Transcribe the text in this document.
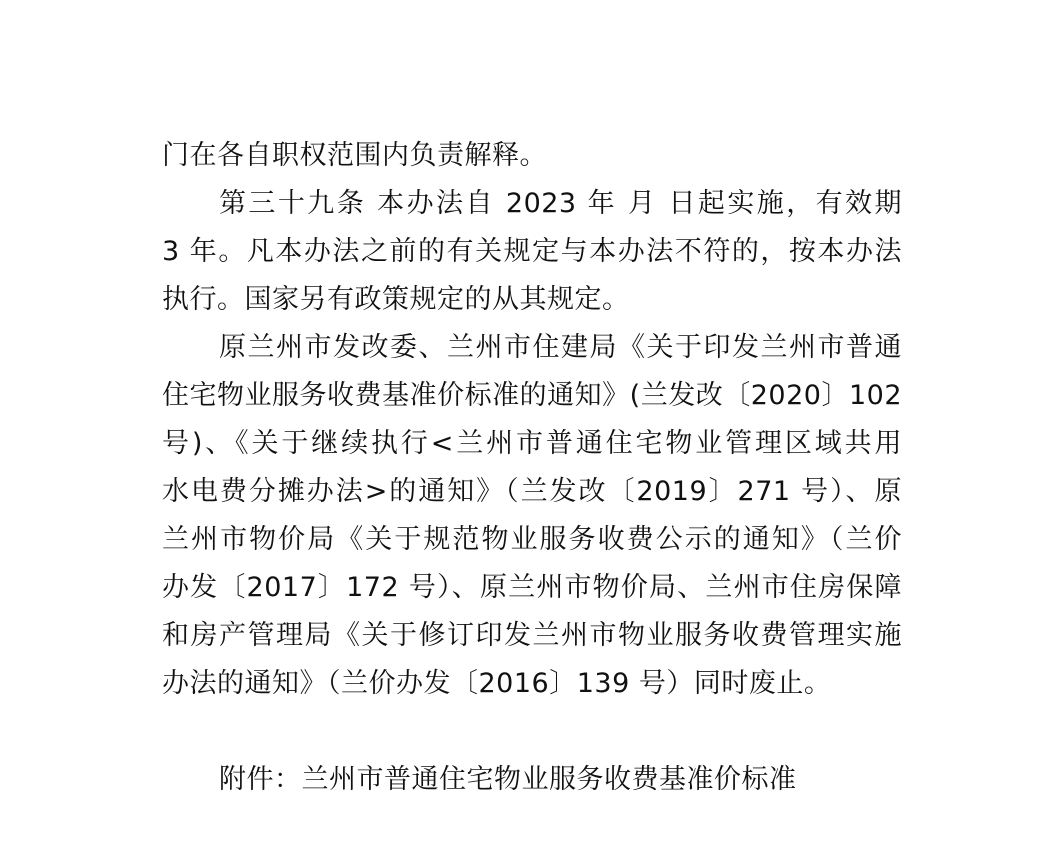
门在各自职权范围内负责解释。
第三十九条 本办法自 2023 年 月 日起实施，有效期
3 年。凡本办法之前的有关规定与本办法不符的，按本办法
执行。国家另有政策规定的从其规定。
原兰州市发改委、兰州市住建局《关于印发兰州市普通
住宅物业服务收费基准价标准的通知》(兰发改〔2020〕102
号)、《关于继续执行<兰州市普通住宅物业管理区域共用
水电费分摊办法>的通知》（兰发改〔2019〕271 号）、原
兰州市物价局《关于规范物业服务收费公示的通知》（兰价
办发〔2017〕172 号）、原兰州市物价局、兰州市住房保障
和房产管理局《关于修订印发兰州市物业服务收费管理实施
办法的通知》（兰价办发〔2016〕139 号）同时废止。
附件：兰州市普通住宅物业服务收费基准价标准
